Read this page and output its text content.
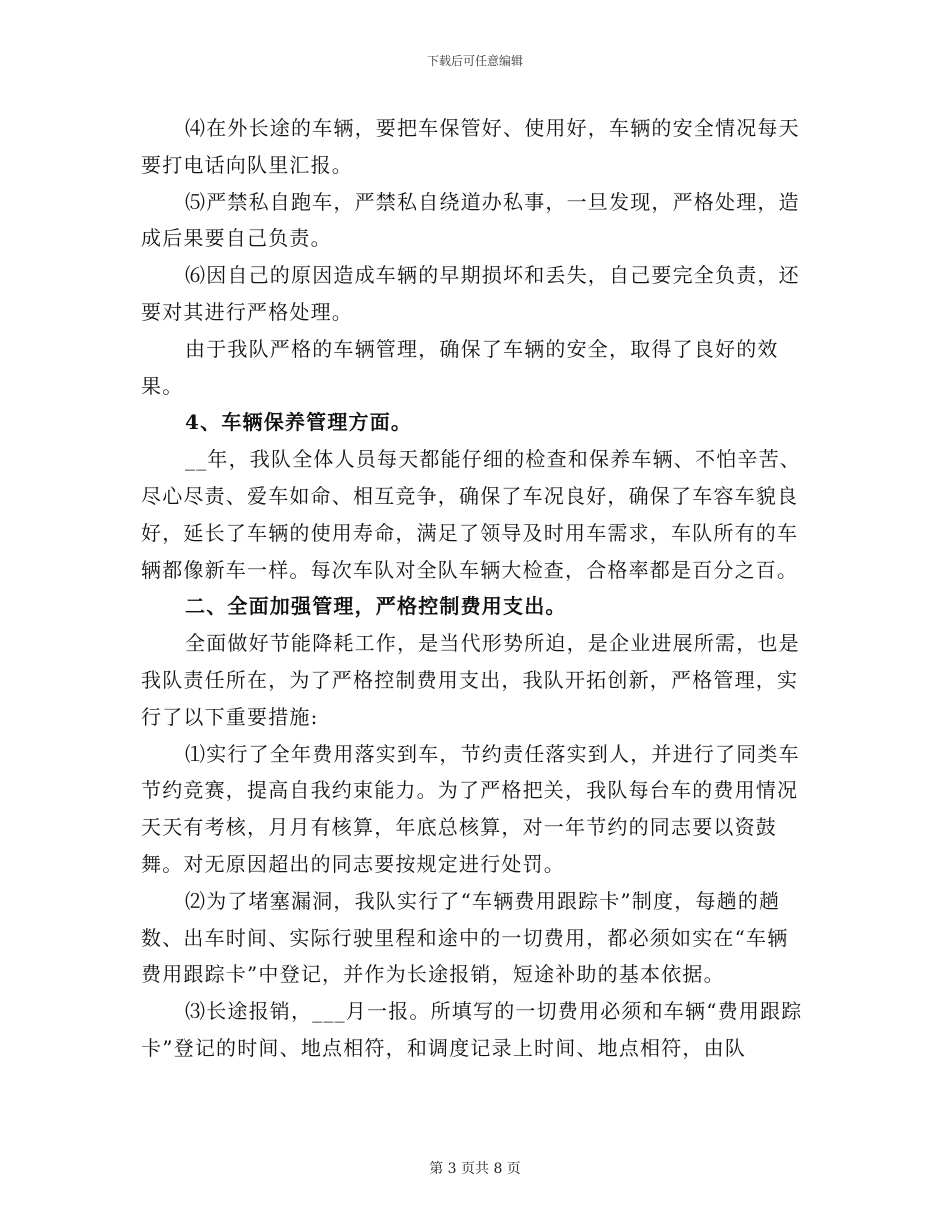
下载后可任意编辑

⑷在外长途的车辆，要把车保管好、使用好，车辆的安全情况每天要打电话向队里汇报。

⑸严禁私自跑车，严禁私自绕道办私事，一旦发现，严格处理，造成后果要自己负责。

⑹因自己的原因造成车辆的早期损坏和丢失，自己要完全负责，还要对其进行严格处理。

由于我队严格的车辆管理，确保了车辆的安全，取得了良好的效果。

4、车辆保养管理方面。

__年，我队全体人员每天都能仔细的检查和保养车辆、不怕辛苦、尽心尽责、爱车如命、相互竞争，确保了车况良好，确保了车容车貌良好，延长了车辆的使用寿命，满足了领导及时用车需求，车队所有的车辆都像新车一样。每次车队对全队车辆大检查，合格率都是百分之百。

二、全面加强管理，严格控制费用支出。

全面做好节能降耗工作，是当代形势所迫，是企业进展所需，也是我队责任所在，为了严格控制费用支出，我队开拓创新，严格管理，实行了以下重要措施:

⑴实行了全年费用落实到车，节约责任落实到人，并进行了同类车节约竞赛，提高自我约束能力。为了严格把关，我队每台车的费用情况天天有考核，月月有核算，年底总核算，对一年节约的同志要以资鼓舞。对无原因超出的同志要按规定进行处罚。

⑵为了堵塞漏洞，我队实行了“车辆费用跟踪卡”制度，每趟的趟数、出车时间、实际行驶里程和途中的一切费用，都必须如实在“车辆费用跟踪卡”中登记，并作为长途报销，短途补助的基本依据。

⑶长途报销，___月一报。所填写的一切费用必须和车辆“费用跟踪卡”登记的时间、地点相符，和调度记录上时间、地点相符，由队

第 3 页共 8 页
